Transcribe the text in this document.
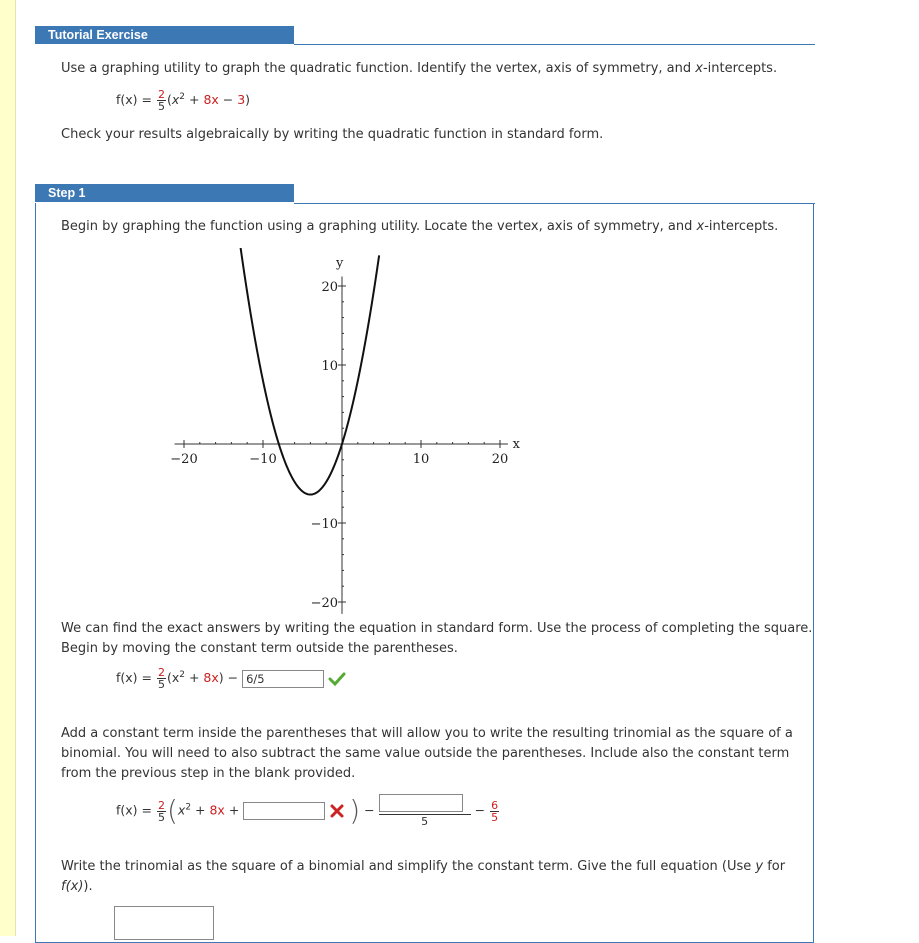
Tutorial Exercise
Use a graphing utility to graph the quadratic function. Identify the vertex, axis of symmetry, and x-intercepts.
$f(x) = \frac{2}{5} (x^2 + 8x - 3)$
Check your results algebraically by writing the quadratic function in standard form.
Step 1
Begin by graphing the function using a graphing utility. Locate the vertex, axis of symmetry, and x-intercepts.
−20	−10	10	20
−20
−10
10
20
y
x
We can find the exact answers by writing the equation in standard form. Use the process of completing the square. Begin by moving the constant term outside the parentheses.
$f(x) = \frac{2}{5} (x^2 + 8x) - 6/5$
Add a constant term inside the parentheses that will allow you to write the resulting trinomial as the square of a binomial. You will need to also subtract the same value outside the parentheses. Include also the constant term from the previous step in the blank provided.
$f(x) = \frac{2}{5} (x^2 + 8x$ +	) −
5
− $\frac{6}{5}$
Write the trinomial as the square of a binomial and simplify the constant term. Give the full equation (Use y for f(x)).
